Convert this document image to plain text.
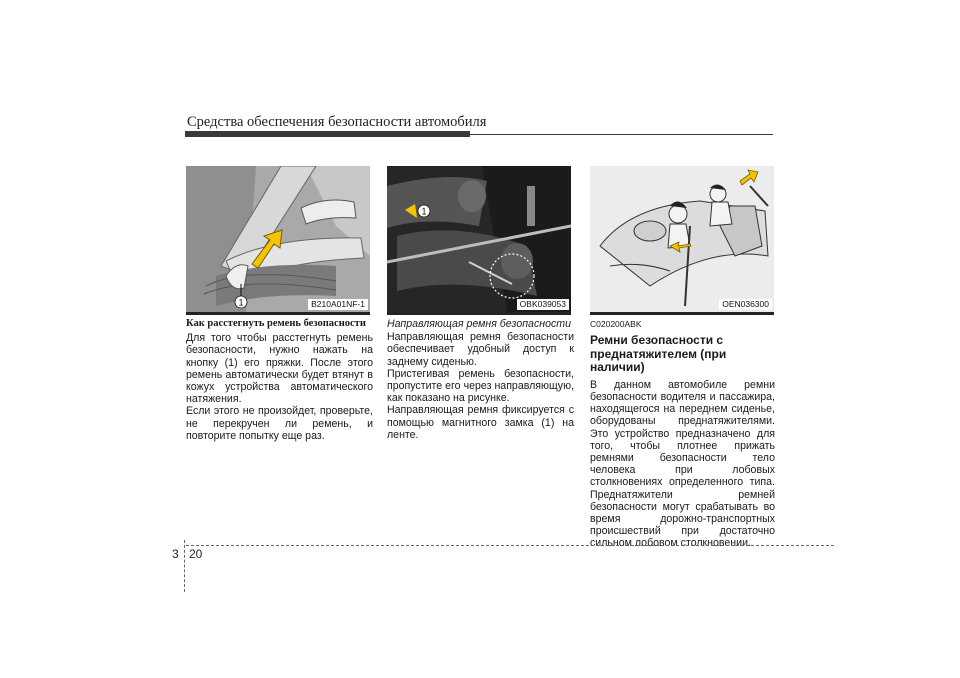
Средства обеспечения безопасности автомобиля
1	B210A01NF-1
1
OBK039053	OEN036300
Как расстегнуть ремень безопасности

Для того чтобы расстегнуть ремень безопасности, нужно нажать на кнопку (1) его пряжки. После этого ремень автоматически будет втянут в кожух устройства автоматического натяжения.

Если этого не произойдет, проверьте, не перекручен ли ремень, и повторите попытку еще раз.

Направляющая ремня безопасности

Направляющая ремня безопасности обеспечивает удобный доступ к заднему сиденью.

Пристегивая ремень безопасности, пропустите его через направляющую, как показано на рисунке.

Направляющая ремня фиксируется с помощью магнитного замка (1) на ленте.

C020200ABK
Ремни безопасности с преднатяжителем (при наличии)

В данном автомобиле ремни безопасности водителя и пассажира, находящегося на переднем сиденье, оборудованы преднатяжителями. Это устройство предназначено для того, чтобы плотнее прижать ремнями безопасности тело человека при лобовых столкновениях определенного типа. Преднатяжители ремней безопасности могут срабатывать во время дорожно-транспортных происшествий при достаточно сильном лобовом столкновении.

3 20
